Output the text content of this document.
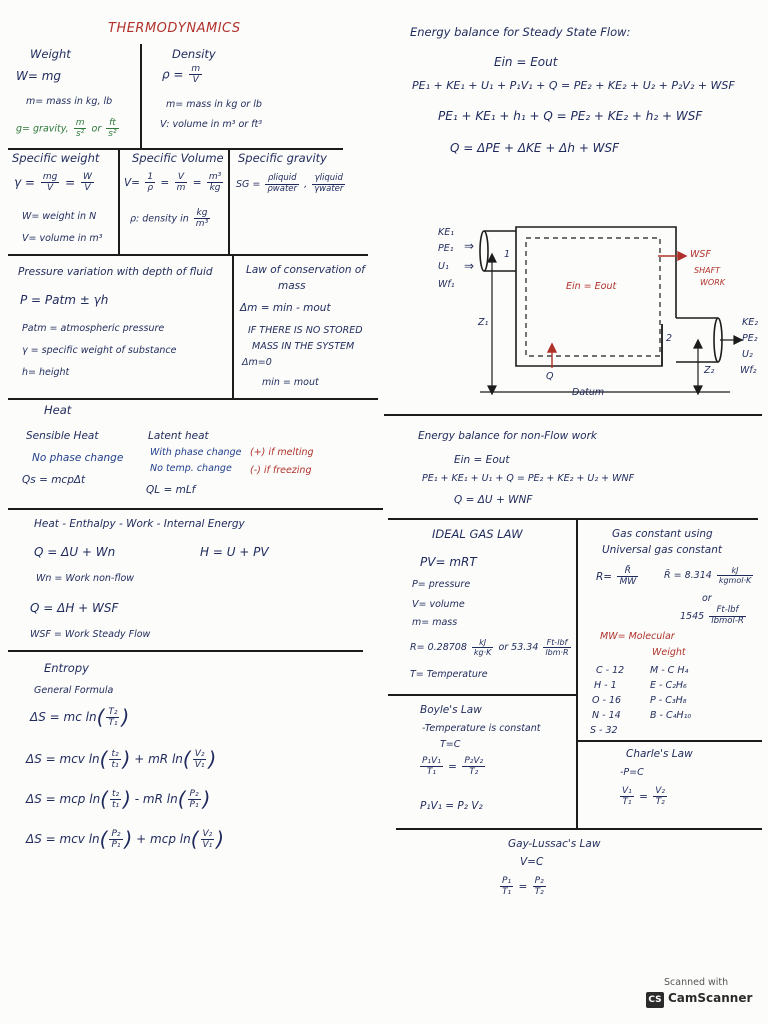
THERMODYNAMICS
Weight
W= mg
m= mass in kg, lb
g= gravity, $\frac{m}{\text{s²}}$ or $\frac{ft}{\text{s²}}$
Density
$\rho = \frac{m}{V}$
m= mass in kg or lb
V: volume in m³ or ft³
Specific weight
$\gamma = \frac{mg}{V} = \frac{W}{V}$
W= weight in N
V= volume in m³
Specific Volume
$V= \frac{1}{\rho} = \frac{V}{m} = \frac{\text{m³}}{kg}$
ρ: density in $\frac{kg}{\text{m³}}$
Specific gravity
SG = $\frac{\text{ρliquid}}{\text{ρwater}}$ , $\frac{\text{γliquid}}{\text{γwater}}$
Pressure variation with depth of fluid
P = Patm ± γh
Patm = atmospheric pressure
γ = specific weight of substance
h= height
Law of conservation of
mass
Δm = min - mout
IF THERE IS NO STORED
MASS IN THE SYSTEM
Δm=0
min = mout
Heat
Sensible Heat
No phase change
Qs = mcpΔt
Latent heat
With phase change
No temp. change
QL = mLf
(+) if melting
(-) if freezing
Heat - Enthalpy - Work - Internal Energy
Q = ΔU + Wn	H = U + PV
Wn = Work non-flow
Q = ΔH + WSF
WSF = Work Steady Flow
Entropy
General Formula
ΔS = mc $\ln( \frac{\text{T₂}}{\text{T₁}}$ )
ΔS = mcv $\ln( \frac{\text{t₂}}{\text{t₁}}$ ) + mR $\ln( \frac{\text{V₂}}{\text{V₁}}$ )
ΔS = mcp $\ln( \frac{\text{t₂}}{\text{t₁}}$ ) - mR $\ln( \frac{\text{P₂}}{\text{P₁}}$ )
ΔS = mcv $\ln( \frac{\text{P₂}}{\text{P₁}}$ ) + mcp $\ln( \frac{\text{V₂}}{\text{V₁}}$ )
Energy balance for Steady State Flow:
Ein = Eout
PE₁ + KE₁ + U₁ + P₁V₁ + Q = PE₂ + KE₂ + U₂ + P₂V₂ + WSF
PE₁ + KE₁ + h₁ + Q = PE₂ + KE₂ + h₂ + WSF
Q = ΔPE + ΔKE + Δh + WSF
⇒
⇒
KE₁
PE₁
U₁
Wf₁
1
2
Z₁
Z₂
Ein = Eout
WSF
SHAFT
WORK
Q
Datum
KE₂
PE₂
U₂
Wf₂
Energy balance for non-Flow work
Ein = Eout
PE₁ + KE₁ + U₁ + Q = PE₂ + KE₂ + U₂ + WNF
Q = ΔU + WNF
IDEAL GAS LAW
PV= mRT
P= pressure
V= volume
m= mass
$R= 0.28708 \frac{kJ}{kg\cdot K}$ or $53.34 \frac{\text{Ft-lbf}}{\text{lbm·R}}$
T= Temperature
Gas constant using
Universal gas constant
$R= \frac{R̄}{MW}$	R̄ = $8.314 \frac{kJ}{\text{kgmol·K}}$
or
$1545 \frac{\text{Ft-lbf}}{\text{lbmol-R}}$
MW= Molecular
Weight
C - 12
H - 1
O - 16
N - 14
S - 32
M - C H₄
E - C₂H₆
P - C₃H₈
B - C₄H₁₀
Boyle's Law
-Temperature is constant
T=C
$\frac{\text{P₁V₁}}{\text{T₁}} = \frac{\text{P₂V₂}}{\text{T₂}}$
P₁V₁ = P₂ V₂
Charle's Law
-P=C
$\frac{\text{V₁}}{\text{T₁}} = \frac{\text{V₂}}{\text{T₂}}$
Gay-Lussac's Law
V=C
$\frac{\text{P₁}}{\text{T₁}} = \frac{\text{P₂}}{\text{T₂}}$
Scanned with
CS CamScanner
